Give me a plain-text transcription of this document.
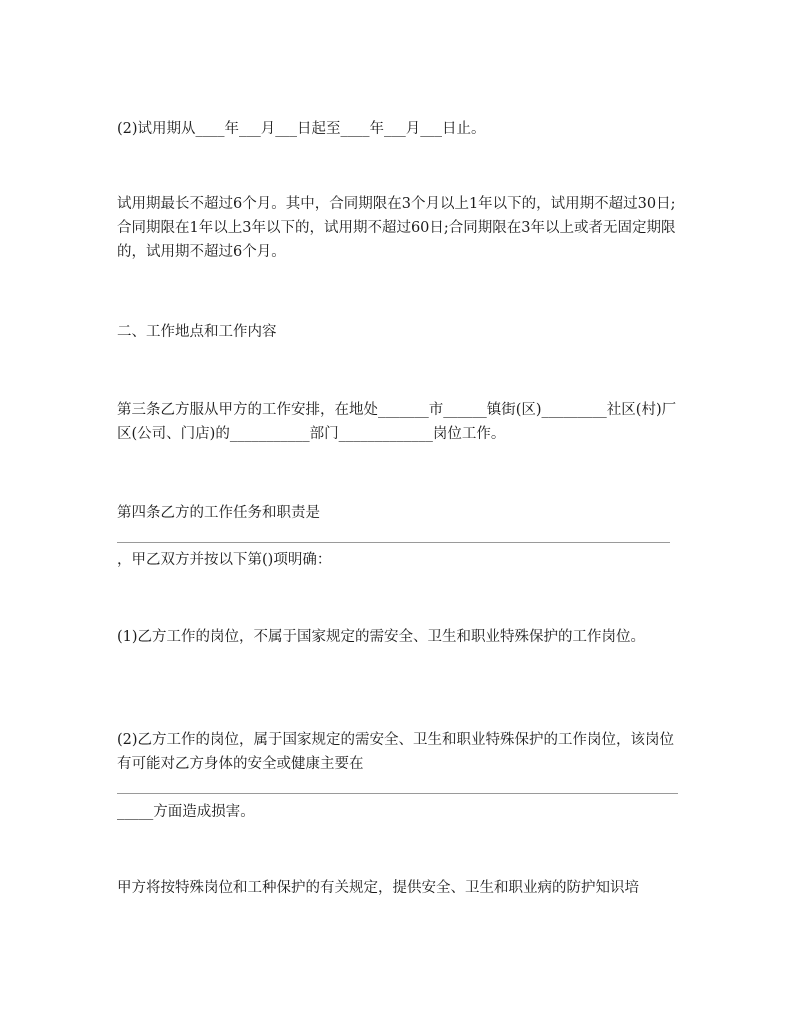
(2)试用期从____年___月___日起至____年___月___日止。

试用期最长不超过6个月。其中，合同期限在3个月以上1年以下的，试用期不超过30日;合同期限在1年以上3年以下的，试用期不超过60日;合同期限在3年以上或者无固定期限的，试用期不超过6个月。

二、工作地点和工作内容

第三条乙方服从甲方的工作安排，在地处_______市______镇街(区)_________社区(村)厂区(公司、门店)的___________部门_____________岗位工作。

第四条乙方的工作任务和职责是

，甲乙双方并按以下第()项明确：

(1)乙方工作的岗位，不属于国家规定的需安全、卫生和职业特殊保护的工作岗位。

(2)乙方工作的岗位，属于国家规定的需安全、卫生和职业特殊保护的工作岗位，该岗位有可能对乙方身体的安全或健康主要在

_____方面造成损害。

甲方将按特殊岗位和工种保护的有关规定，提供安全、卫生和职业病的防护知识培
